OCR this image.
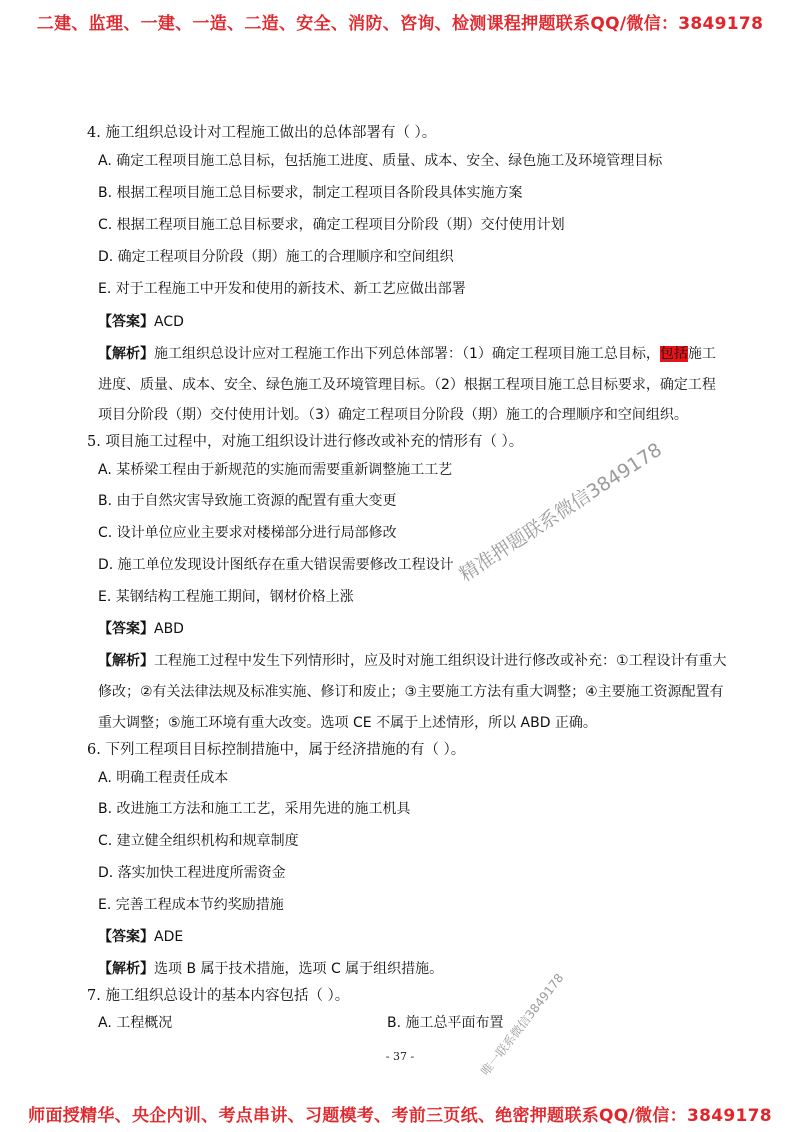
二建、监理、一建、一造、二造、安全、消防、咨询、检测课程押题联系QQ/微信：3849178
4. 施工组织总设计对工程施工做出的总体部署有（ ）。
A. 确定工程项目施工总目标，包括施工进度、质量、成本、安全、绿色施工及环境管理目标
B. 根据工程项目施工总目标要求，制定工程项目各阶段具体实施方案
C. 根据工程项目施工总目标要求，确定工程项目分阶段（期）交付使用计划
D. 确定工程项目分阶段（期）施工的合理顺序和空间组织
E. 对于工程施工中开发和使用的新技术、新工艺应做出部署
【答案】ACD
【解析】施工组织总设计应对工程施工作出下列总体部署：（1）确定工程项目施工总目标，包括施工
进度、质量、成本、安全、绿色施工及环境管理目标。（2）根据工程项目施工总目标要求，确定工程
项目分阶段（期）交付使用计划。（3）确定工程项目分阶段（期）施工的合理顺序和空间组织。
5. 项目施工过程中，对施工组织设计进行修改或补充的情形有（ ）。
A. 某桥梁工程由于新规范的实施而需要重新调整施工工艺
B. 由于自然灾害导致施工资源的配置有重大变更
C. 设计单位应业主要求对楼梯部分进行局部修改
D. 施工单位发现设计图纸存在重大错误需要修改工程设计
E. 某钢结构工程施工期间，钢材价格上涨
【答案】ABD
【解析】工程施工过程中发生下列情形时，应及时对施工组织设计进行修改或补充：①工程设计有重大
修改；②有关法律法规及标准实施、修订和废止；③主要施工方法有重大调整；④主要施工资源配置有
重大调整；⑤施工环境有重大改变。选项 CE 不属于上述情形，所以 ABD 正确。
6. 下列工程项目目标控制措施中，属于经济措施的有（ ）。
A. 明确工程责任成本
B. 改进施工方法和施工工艺，采用先进的施工机具
C. 建立健全组织机构和规章制度
D. 落实加快工程进度所需资金
E. 完善工程成本节约奖励措施
【答案】ADE
【解析】选项 B 属于技术措施，选项 C 属于组织措施。
7. 施工组织总设计的基本内容包括（ ）。
A. 工程概况	B. 施工总平面布置
精准押题联系微信3849178
唯一联系微信3849178
- 37 -
师面授精华、央企内训、考点串讲、习题模考、考前三页纸、绝密押题联系QQ/微信：3849178
